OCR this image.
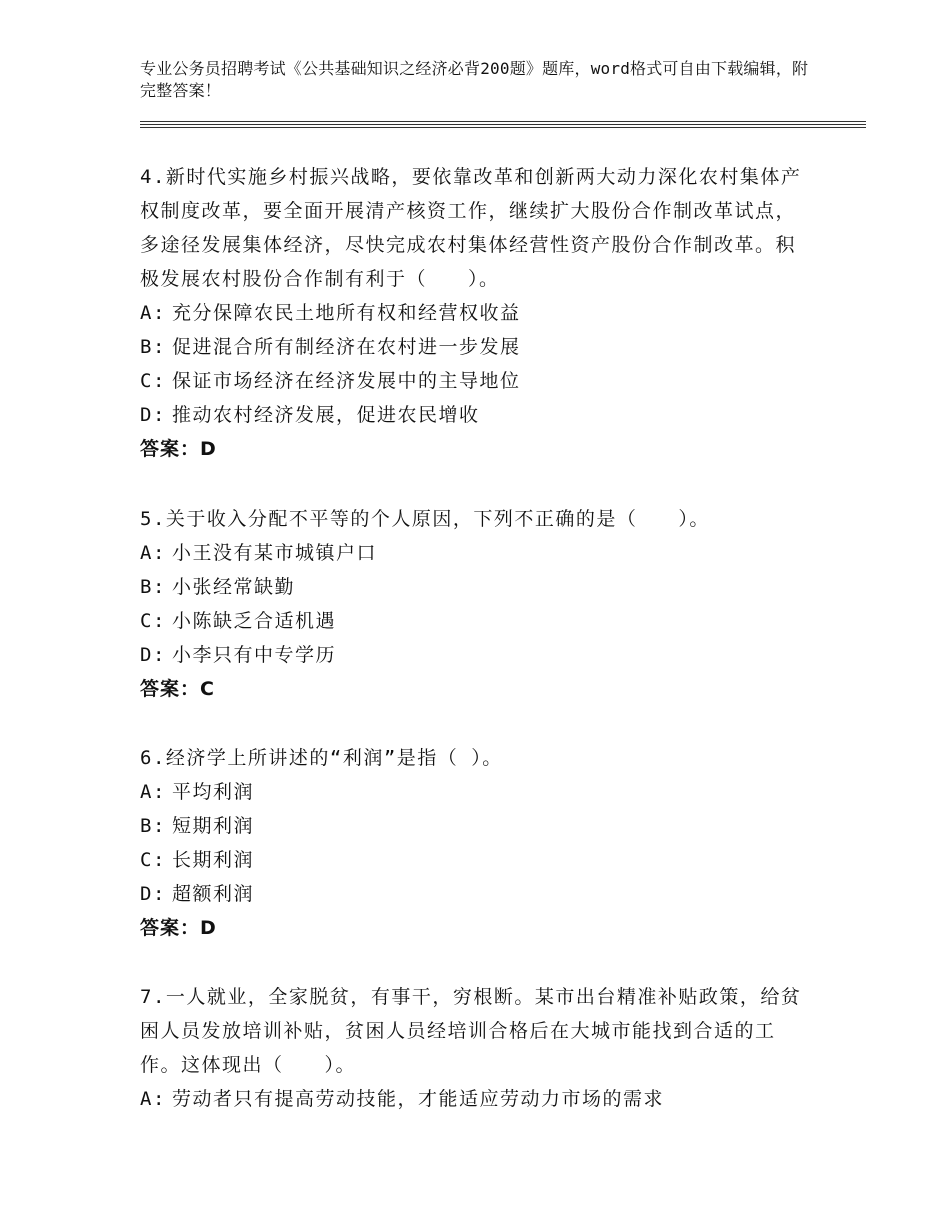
专业公务员招聘考试《公共基础知识之经济必背200题》题库，word格式可自由下载编辑，附完整答案！
4.新时代实施乡村振兴战略，要依靠改革和创新两大动力深化农村集体产权制度改革，要全面开展清产核资工作，继续扩大股份合作制改革试点，多途径发展集体经济，尽快完成农村集体经营性资产股份合作制改革。积极发展农村股份合作制有利于（　　）。
A: 充分保障农民土地所有权和经营权收益
B: 促进混合所有制经济在农村进一步发展
C: 保证市场经济在经济发展中的主导地位
D: 推动农村经济发展，促进农民增收
答案：D
5.关于收入分配不平等的个人原因，下列不正确的是（　　）。
A: 小王没有某市城镇户口
B: 小张经常缺勤
C: 小陈缺乏合适机遇
D: 小李只有中专学历
答案：C
6.经济学上所讲述的“利润”是指（ ）。
A: 平均利润
B: 短期利润
C: 长期利润
D: 超额利润
答案：D
7.一人就业，全家脱贫，有事干，穷根断。某市出台精准补贴政策，给贫困人员发放培训补贴，贫困人员经培训合格后在大城市能找到合适的工作。这体现出（　　）。
A: 劳动者只有提高劳动技能，才能适应劳动力市场的需求
